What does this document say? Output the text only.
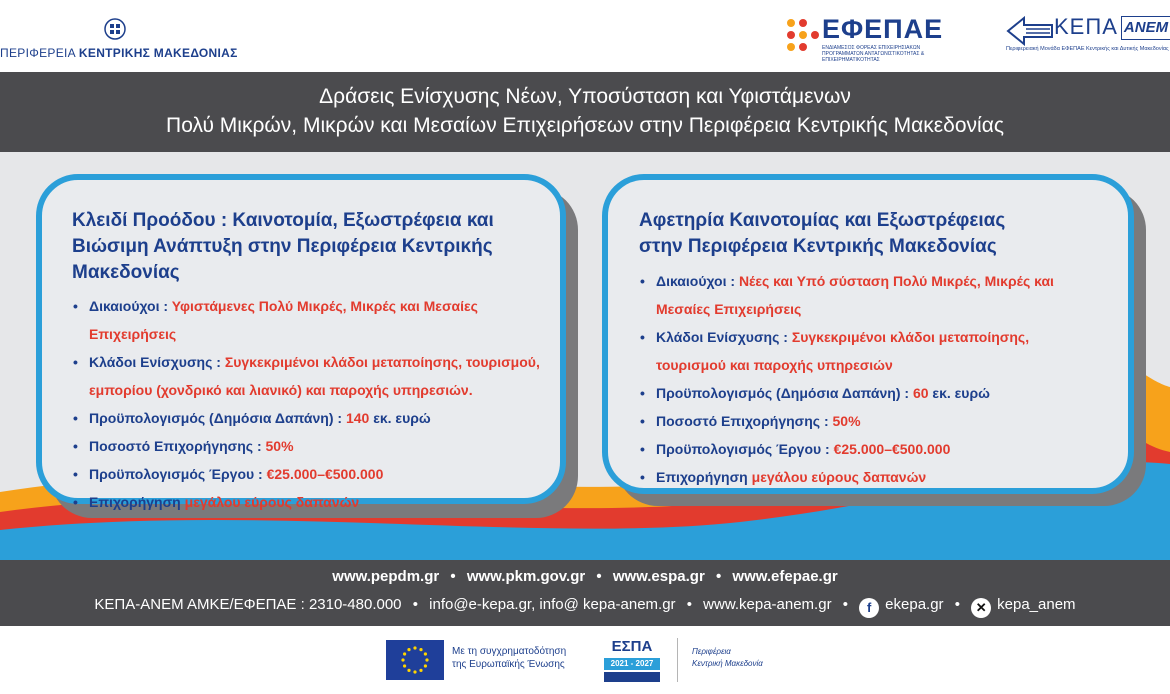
ΠΕΡΙΦΕΡΕΙΑ ΚΕΝΤΡΙΚΗΣ ΜΑΚΕΔΟΝΙΑΣ
ΕΦΕΠΑΕ
ΕΝΔΙΑΜΕΣΟΣ ΦΟΡΕΑΣ ΕΠΙΧΕΙΡΗΣΙΑΚΩΝ ΠΡΟΓΡΑΜΜΑΤΩΝ ΑΝΤΑΓΩΝΙΣΤΙΚΟΤΗΤΑΣ & ΕΠΙΧΕΙΡΗΜΑΤΙΚΟΤΗΤΑΣ
ΚΕΠΑ ΑΝΕΜ
Περιφερειακή Μονάδα ΕΦΕΠΑΕ Κεντρικής και Δυτικής Μακεδονίας
Δράσεις Ενίσχυσης Νέων, Υποσύσταση και Υφιστάμενων
Πολύ Μικρών, Μικρών και Μεσαίων Επιχειρήσεων στην Περιφέρεια Κεντρικής Μακεδονίας
Κλειδί Προόδου : Καινοτομία, Εξωστρέφεια και
Βιώσιμη Ανάπτυξη στην Περιφέρεια Κεντρικής
Μακεδονίας
• Δικαιούχοι : Υφιστάμενες Πολύ Μικρές, Μικρές και Μεσαίες Επιχειρήσεις
• Κλάδοι Ενίσχυσης : Συγκεκριμένοι κλάδοι μεταποίησης, τουρισμού,
εμπορίου (χονδρικό και λιανικό) και παροχής υπηρεσιών.
• Προϋπολογισμός (Δημόσια Δαπάνη) : 140 εκ. ευρώ
• Ποσοστό Επιχορήγησης : 50%
• Προϋπολογισμός Έργου : €25.000–€500.000
• Επιχορήγηση μεγάλου εύρους δαπανών
Αφετηρία Καινοτομίας και Εξωστρέφειας
στην Περιφέρεια Κεντρικής Μακεδονίας
• Δικαιούχοι : Νέες και Υπό σύσταση Πολύ Μικρές, Μικρές και
Μεσαίες Επιχειρήσεις
• Κλάδοι Ενίσχυσης : Συγκεκριμένοι κλάδοι μεταποίησης,
τουρισμού και παροχής υπηρεσιών
• Προϋπολογισμός (Δημόσια Δαπάνη) : 60 εκ. ευρώ
• Ποσοστό Επιχορήγησης : 50%
• Προϋπολογισμός Έργου : €25.000–€500.000
• Επιχορήγηση μεγάλου εύρους δαπανών
www.pepdm.gr • www.pkm.gov.gr • www.espa.gr • www.efepae.gr
ΚΕΠΑ-ΑΝΕΜ ΑΜΚΕ/ΕΦΕΠΑΕ : 2310-480.000 • info@e-kepa.gr, info@ kepa-anem.gr • www.kepa-anem.gr • f ekepa.gr • ✕ kepa_anem
Με τη συγχρηματοδότηση
της Ευρωπαϊκής Ένωσης
ΕΣΠΑ
2021 - 2027
Περιφέρεια
Κεντρική Μακεδονία
